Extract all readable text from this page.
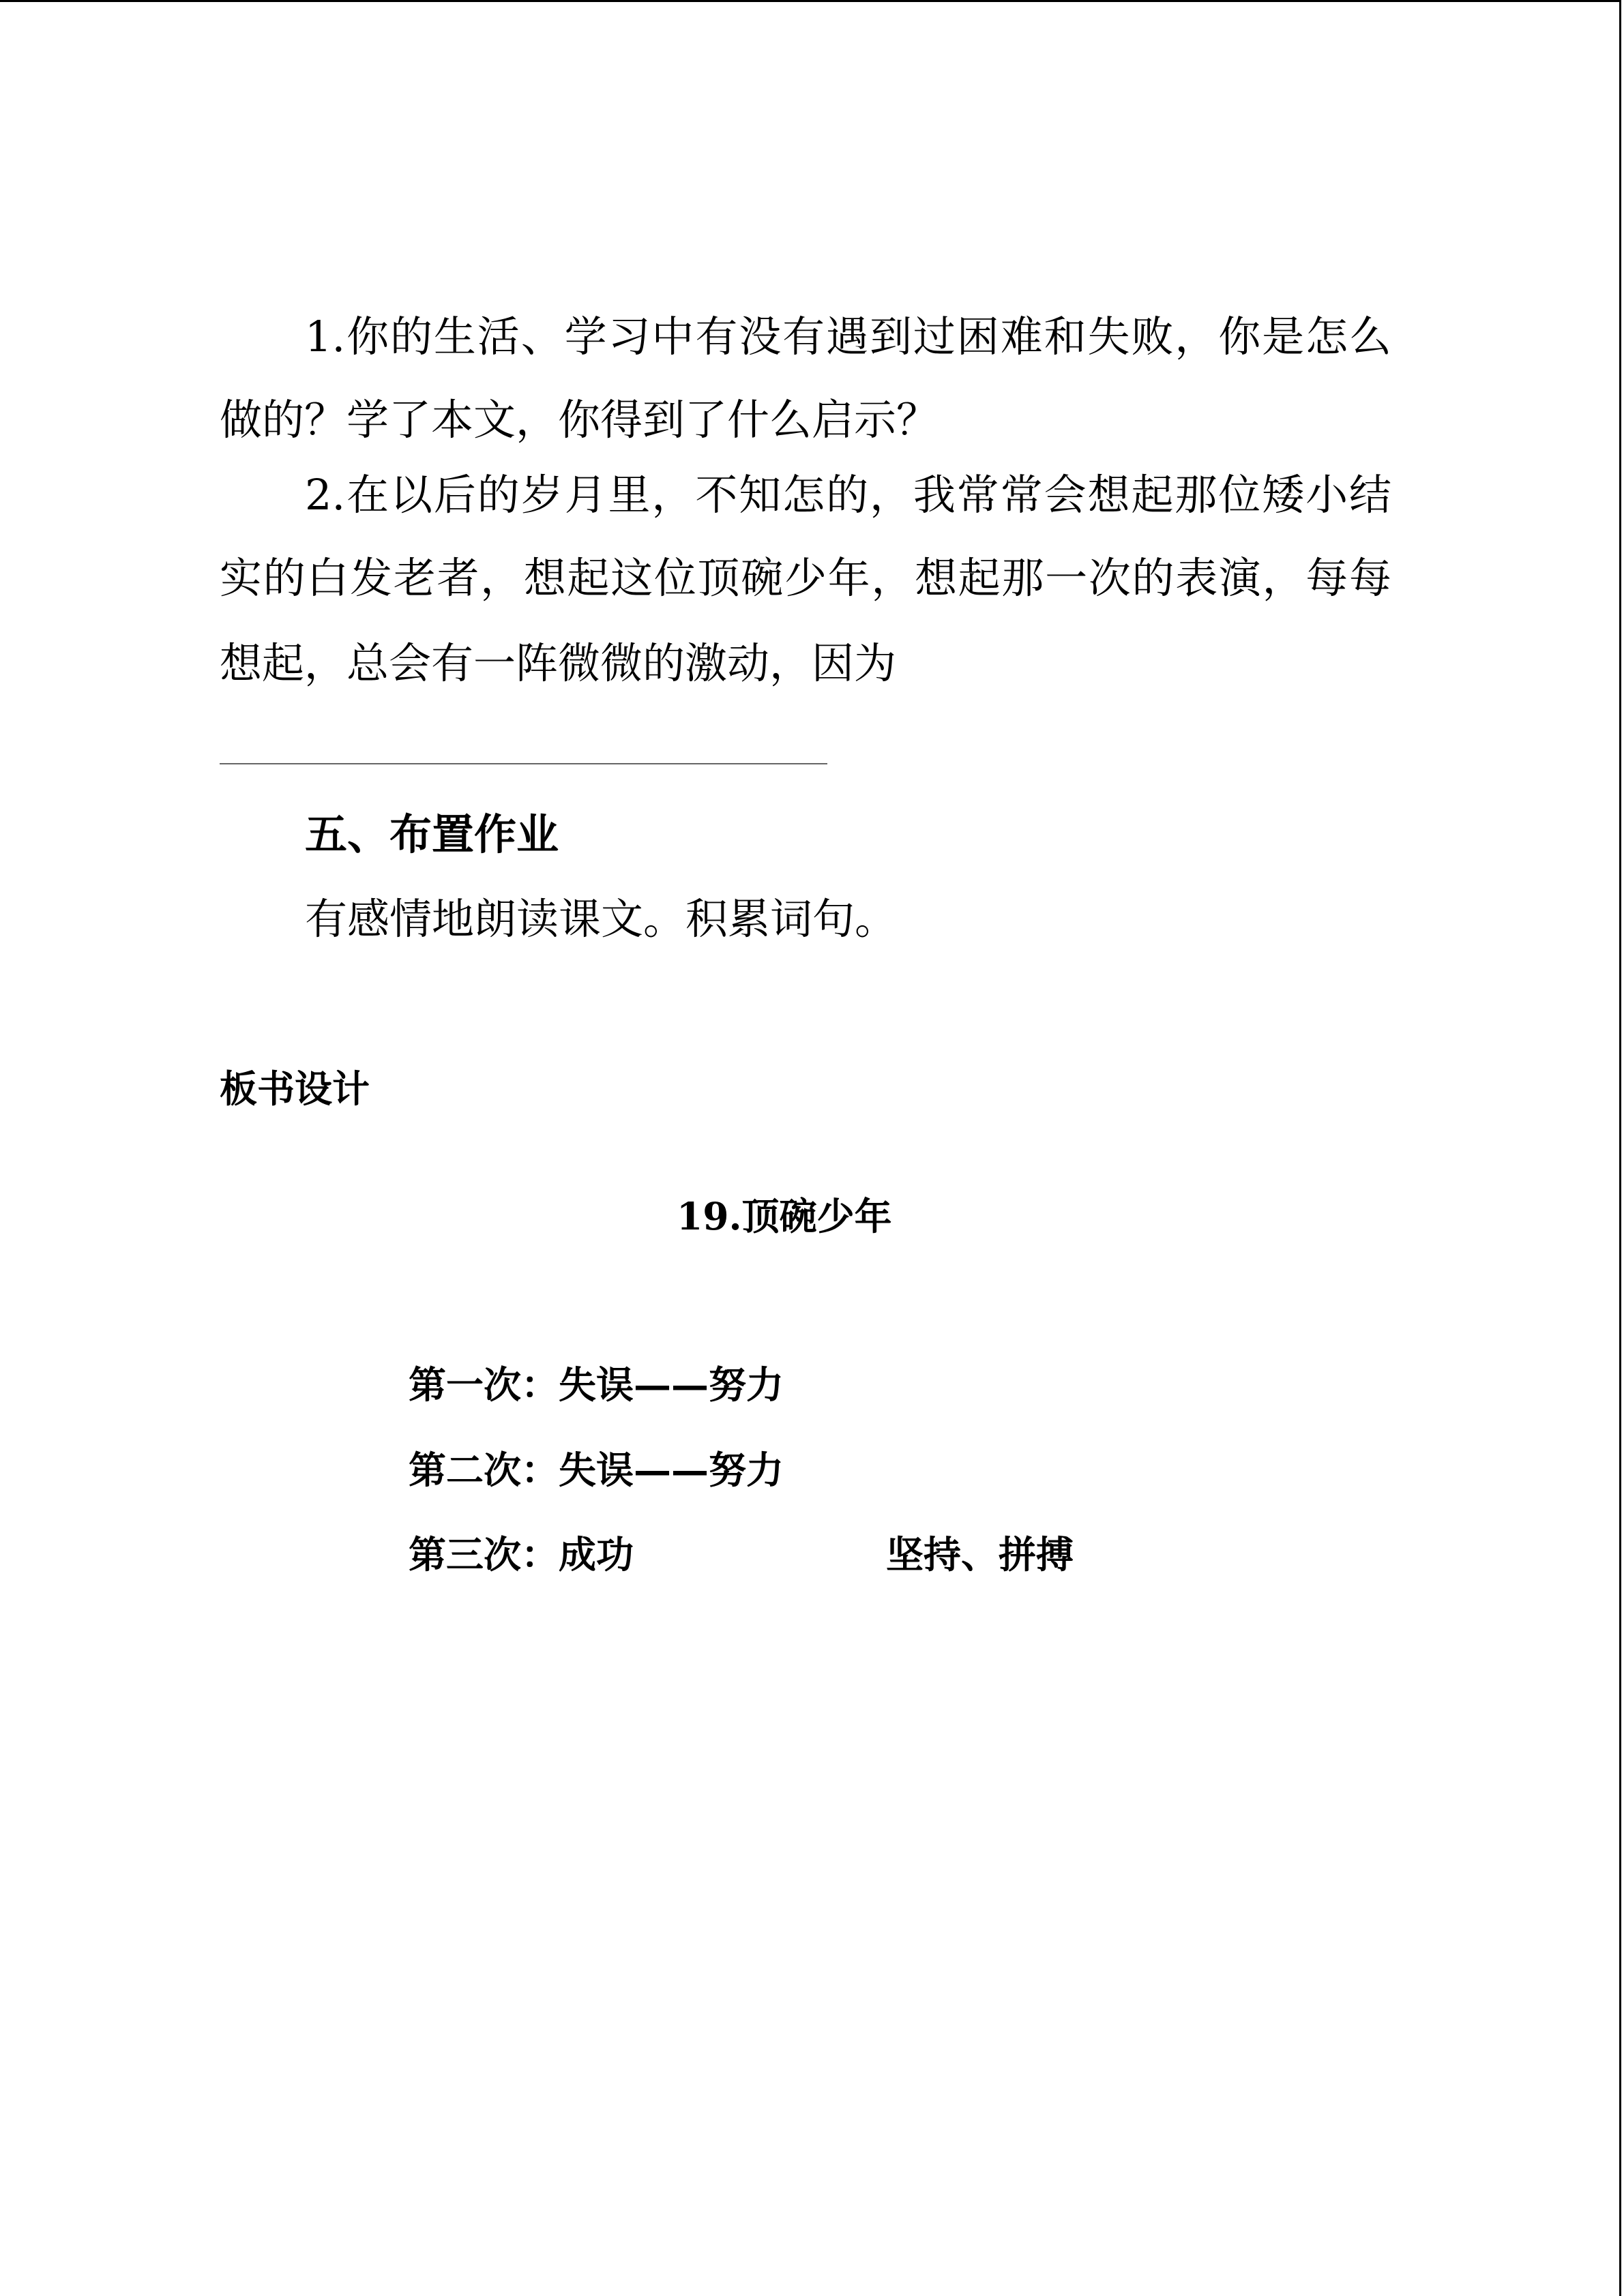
1.你的生活、学习中有没有遇到过困难和失败，你是怎么
做的？学了本文，你得到了什么启示？
2.在以后的岁月里，不知怎的，我常常会想起那位矮小结
实的白发老者，想起这位顶碗少年，想起那一次的表演，每每
想起，总会有一阵微微的激动，因为
五、布置作业
有感情地朗读课文。积累词句。
板书设计
19.顶碗少年
第一次：失误——努力
第二次：失误——努力
第三次：成功	坚持、拼搏
